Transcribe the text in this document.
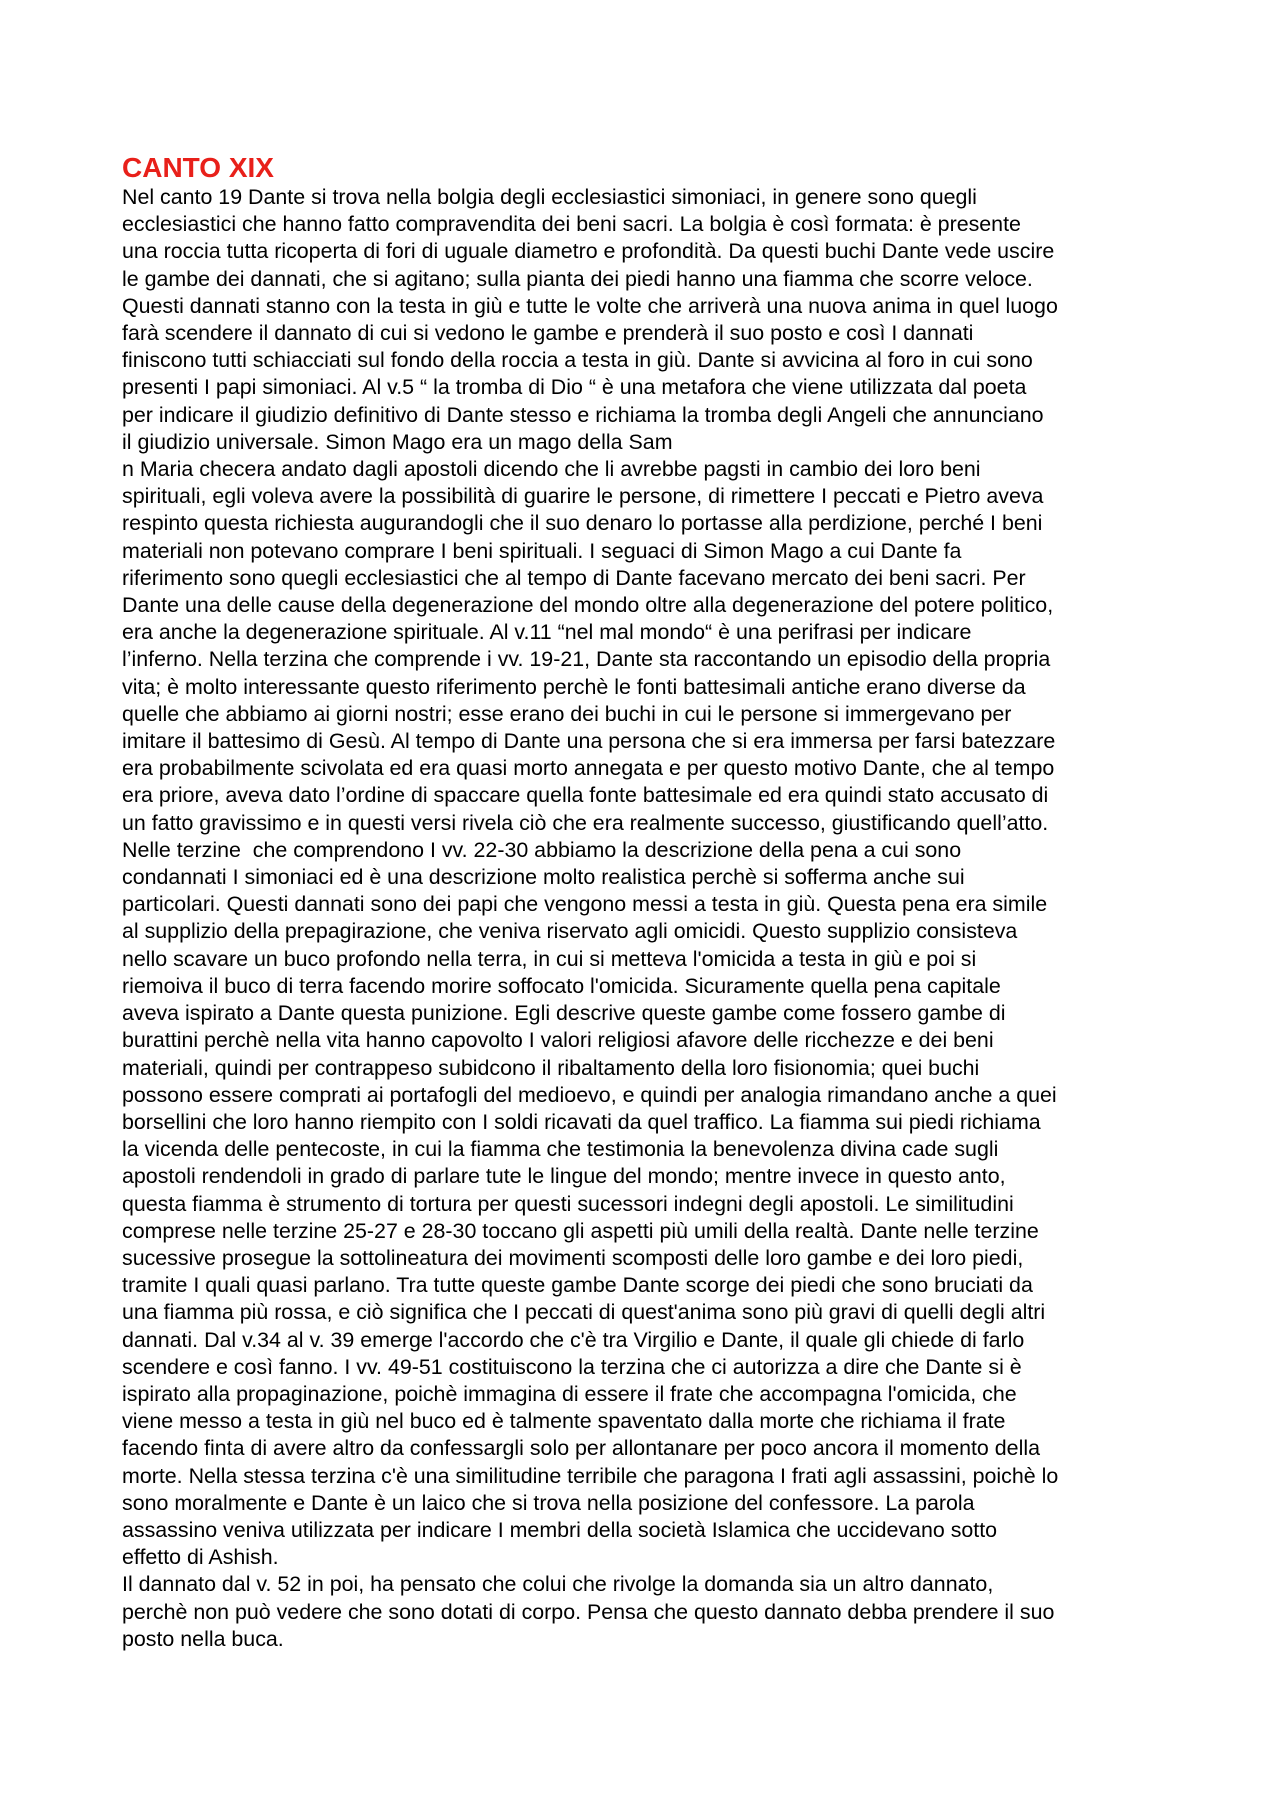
CANTO XIX
Nel canto 19 Dante si trova nella bolgia degli ecclesiastici simoniaci, in genere sono quegli
ecclesiastici che hanno fatto compravendita dei beni sacri. La bolgia è così formata: è presente
una roccia tutta ricoperta di fori di uguale diametro e profondità. Da questi buchi Dante vede uscire
le gambe dei dannati, che si agitano; sulla pianta dei piedi hanno una fiamma che scorre veloce.
Questi dannati stanno con la testa in giù e tutte le volte che arriverà una nuova anima in quel luogo
farà scendere il dannato di cui si vedono le gambe e prenderà il suo posto e così I dannati
finiscono tutti schiacciati sul fondo della roccia a testa in giù. Dante si avvicina al foro in cui sono
presenti I papi simoniaci. Al v.5 “ la tromba di Dio “ è una metafora che viene utilizzata dal poeta
per indicare il giudizio definitivo di Dante stesso e richiama la tromba degli Angeli che annunciano
il giudizio universale. Simon Mago era un mago della Sam
n Maria checera andato dagli apostoli dicendo che li avrebbe pagsti in cambio dei loro beni
spirituali, egli voleva avere la possibilità di guarire le persone, di rimettere I peccati e Pietro aveva
respinto questa richiesta augurandogli che il suo denaro lo portasse alla perdizione, perché I beni
materiali non potevano comprare I beni spirituali. I seguaci di Simon Mago a cui Dante fa
riferimento sono quegli ecclesiastici che al tempo di Dante facevano mercato dei beni sacri. Per
Dante una delle cause della degenerazione del mondo oltre alla degenerazione del potere politico,
era anche la degenerazione spirituale. Al v.11 “nel mal mondo“ è una perifrasi per indicare
l’inferno. Nella terzina che comprende i vv. 19-21, Dante sta raccontando un episodio della propria
vita; è molto interessante questo riferimento perchè le fonti battesimali antiche erano diverse da
quelle che abbiamo ai giorni nostri; esse erano dei buchi in cui le persone si immergevano per
imitare il battesimo di Gesù. Al tempo di Dante una persona che si era immersa per farsi batezzare
era probabilmente scivolata ed era quasi morto annegata e per questo motivo Dante, che al tempo
era priore, aveva dato l’ordine di spaccare quella fonte battesimale ed era quindi stato accusato di
un fatto gravissimo e in questi versi rivela ciò che era realmente successo, giustificando quell’atto.
Nelle terzine  che comprendono I vv. 22-30 abbiamo la descrizione della pena a cui sono
condannati I simoniaci ed è una descrizione molto realistica perchè si sofferma anche sui
particolari. Questi dannati sono dei papi che vengono messi a testa in giù. Questa pena era simile
al supplizio della prepagirazione, che veniva riservato agli omicidi. Questo supplizio consisteva
nello scavare un buco profondo nella terra, in cui si metteva l'omicida a testa in giù e poi si
riemoiva il buco di terra facendo morire soffocato l'omicida. Sicuramente quella pena capitale
aveva ispirato a Dante questa punizione. Egli descrive queste gambe come fossero gambe di
burattini perchè nella vita hanno capovolto I valori religiosi afavore delle ricchezze e dei beni
materiali, quindi per contrappeso subidcono il ribaltamento della loro fisionomia; quei buchi
possono essere comprati ai portafogli del medioevo, e quindi per analogia rimandano anche a quei
borsellini che loro hanno riempito con I soldi ricavati da quel traffico. La fiamma sui piedi richiama
la vicenda delle pentecoste, in cui la fiamma che testimonia la benevolenza divina cade sugli
apostoli rendendoli in grado di parlare tute le lingue del mondo; mentre invece in questo anto,
questa fiamma è strumento di tortura per questi sucessori indegni degli apostoli. Le similitudini
comprese nelle terzine 25-27 e 28-30 toccano gli aspetti più umili della realtà. Dante nelle terzine
sucessive prosegue la sottolineatura dei movimenti scomposti delle loro gambe e dei loro piedi,
tramite I quali quasi parlano. Tra tutte queste gambe Dante scorge dei piedi che sono bruciati da
una fiamma più rossa, e ciò significa che I peccati di quest'anima sono più gravi di quelli degli altri
dannati. Dal v.34 al v. 39 emerge l'accordo che c'è tra Virgilio e Dante, il quale gli chiede di farlo
scendere e così fanno. I vv. 49-51 costituiscono la terzina che ci autorizza a dire che Dante si è
ispirato alla propaginazione, poichè immagina di essere il frate che accompagna l'omicida, che
viene messo a testa in giù nel buco ed è talmente spaventato dalla morte che richiama il frate
facendo finta di avere altro da confessargli solo per allontanare per poco ancora il momento della
morte. Nella stessa terzina c'è una similitudine terribile che paragona I frati agli assassini, poichè lo
sono moralmente e Dante è un laico che si trova nella posizione del confessore. La parola
assassino veniva utilizzata per indicare I membri della società Islamica che uccidevano sotto
effetto di Ashish.
Il dannato dal v. 52 in poi, ha pensato che colui che rivolge la domanda sia un altro dannato,
perchè non può vedere che sono dotati di corpo. Pensa che questo dannato debba prendere il suo
posto nella buca.
